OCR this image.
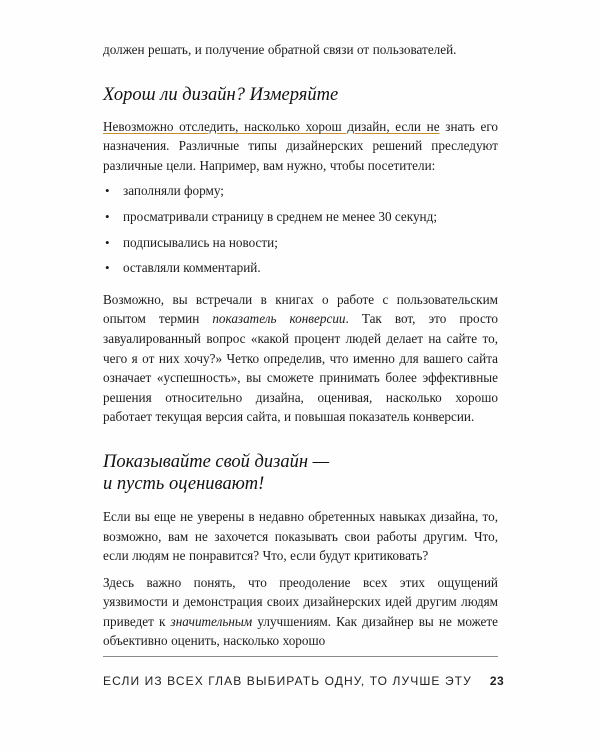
должен решать, и получение обратной связи от пользователей.

Хорош ли дизайн? Измеряйте

Невозможно отследить, насколько хорош дизайн, если не знать его назначения. Различные типы дизайнерских решений преследуют различные цели. Например, вам нужно, чтобы посетители:

• заполняли форму;
• просматривали страницу в среднем не менее 30 секунд;
• подписывались на новости;
• оставляли комментарий.

Возможно, вы встречали в книгах о работе с пользовательским опытом термин показатель конверсии. Так вот, это просто завуалированный вопрос «какой процент людей делает на сайте то, чего я от них хочу?» Четко определив, что именно для вашего сайта означает «успешность», вы сможете принимать более эффективные решения относительно дизайна, оценивая, насколько хорошо работает текущая версия сайта, и повышая показатель конверсии.

Показывайте свой дизайн —
и пусть оценивают!

Если вы еще не уверены в недавно обретенных навыках дизайна, то, возможно, вам не захочется показывать свои работы другим. Что, если людям не понравится? Что, если будут критиковать?

Здесь важно понять, что преодоление всех этих ощущений уязвимости и демонстрация своих дизайнерских идей другим людям приведет к значительным улучшениям. Как дизайнер вы не можете объективно оценить, насколько хорошо

ЕСЛИ ИЗ ВСЕХ ГЛАВ ВЫБИРАТЬ ОДНУ, ТО ЛУЧШЕ ЭТУ 23
